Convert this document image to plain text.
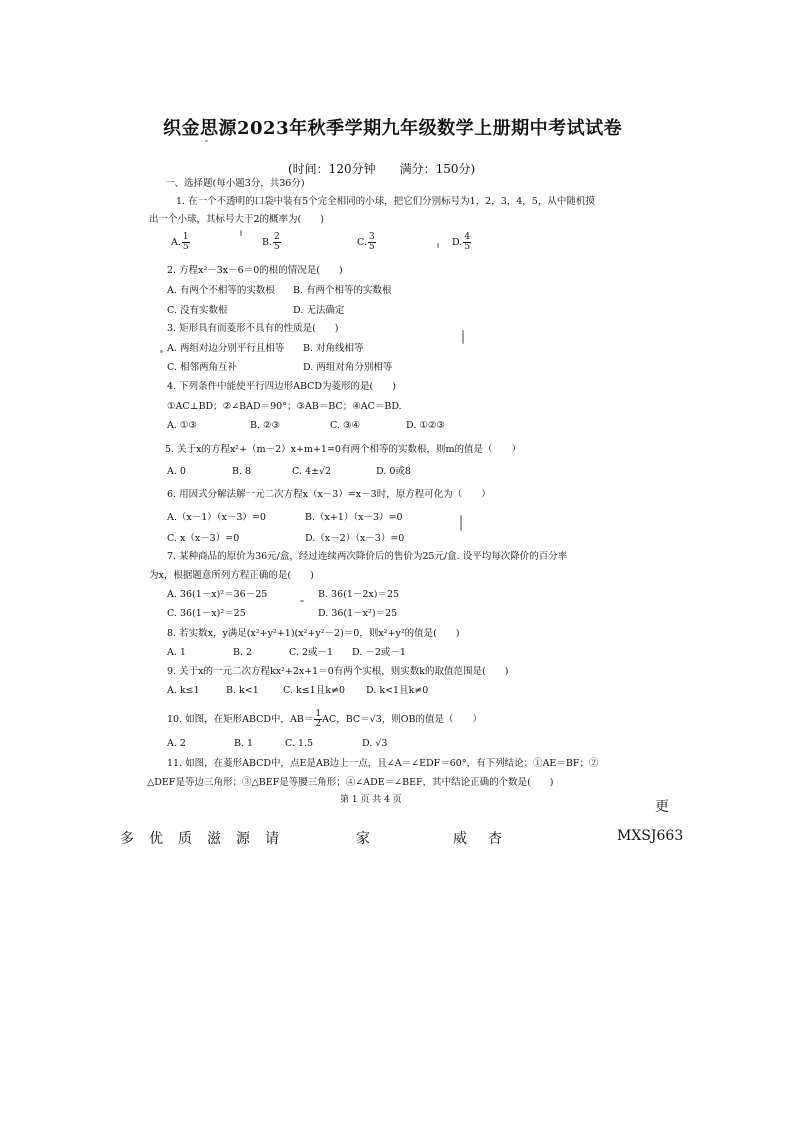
织金思源2023年秋季学期九年级数学上册期中考试试卷
(时间：120分钟 满分：150分)
一、选择题(每小题3分，共36分)
1. 在一个不透明的口袋中装有5个完全相同的小球，把它们分别标号为1，2，3，4，5，从中随机摸
出一个小球，其标号大于2的概率为(　　)
A. $\frac{1}{5}$	B. $\frac{2}{5}$	C. $\frac{3}{5}$	D. $\frac{4}{5}$
2. 方程x²－3x－6＝0的根的情况是(　　)
A. 有两个不相等的实数根 B. 有两个相等的实数根
C. 没有实数根	D. 无法确定
3. 矩形具有而菱形不具有的性质是(　　)
A. 两组对边分别平行且相等 B. 对角线相等
C. 相邻两角互补	D. 两组对角分别相等
4. 下列条件中能使平行四边形ABCD为菱形的是(　　)
①AC⊥BD；②∠BAD＝90°；③AB＝BC；④AC＝BD.
A. ①③	B. ②③	C. ③④	D. ①②③
5. 关于x的方程x²+（m－2）x+m+1=0有两个相等的实数根，则m的值是（　　）
A. 0	B. 8	C. 4±√2	D. 0或8
6. 用因式分解法解一元二次方程x（x－3）=x－3时，原方程可化为（　　）
A.（x－1）（x－3）=0	B.（x+1）（x－3）=0
C. x（x－3）=0	D.（x－2）（x－3）=0
7. 某种商品的原价为36元/盒，经过连续两次降价后的售价为25元/盒. 设平均每次降价的百分率
为x，根据题意所列方程正确的是(　　)
A. 36(1－x)²＝36－25	B. 36(1－2x)＝25
C. 36(1－x)²＝25	D. 36(1－x²)＝25
8. 若实数x，y满足(x²+y²+1)(x²+y²－2)＝0，则x²+y²的值是(　　)
A. 1	B. 2	C. 2或－1 D. －2或－1
9. 关于x的一元二次方程kx²+2x+1＝0有两个实根，则实数k的取值范围是(　　)
A. k≤1	B. k<1	C. k≤1且k≠0 D. k<1且k≠0
10. 如图，在矩形ABCD中，$AB= \frac{1}{2}$ AC，BC＝√3，则OB的值是（　　）
A. 2	B. 1	C. 1.5	D. √3
11. 如图，在菱形ABCD中，点E是AB边上一点，且∠A＝∠EDF＝60°，有下列结论：①AE＝BF；②
△DEF是等边三角形；③△BEF是等腰三角形；④∠ADE＝∠BEF，其中结论正确的个数是(　　)
第 1 页 共 4 页	更
多 优 质 滋 源 请	家	威 杏	MXSJ663
